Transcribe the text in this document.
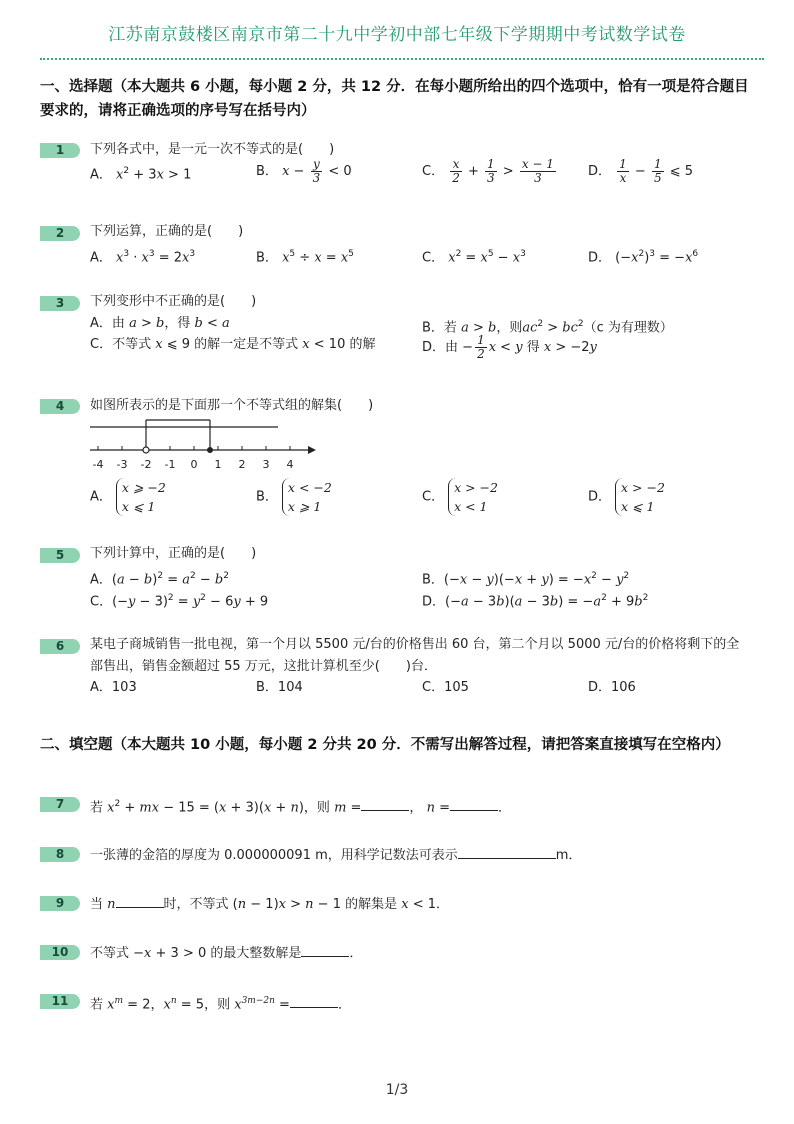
江苏南京鼓楼区南京市第二十九中学初中部七年级下学期期中考试数学试卷
一、选择题（本大题共 6 小题，每小题 2 分，共 12 分．在每小题所给出的四个选项中，恰有一项是符合题目要求的，请将正确选项的序号写在括号内）
1	下列各式中，是一元一次不等式的是(　　)
A． $x^2 + 3x > 1$	B． $x - \frac{y}{3} < 0$	C． $\frac{x}{2} + \frac{1}{3} > \frac{x - 1}{3}$ D． $\frac{1}{x} - \frac{1}{5}$ ⩽ 5
2	下列运算，正确的是(　　)
A． $x^3 \cdot x^3 = 2x^3$	B． $x^5 \div x = x^5$	C． $x^2 = x^5 - x^3$	D． $(-x^2)^3 = -x^6$
3	下列变形中不正确的是(　　)
A．由 a > b，得 b < a	B．若 a > b，则$ac^2 > bc^2(c$ 为有理数）
C．不等式 x ⩽ 9 的解一定是不等式 x < 10 的解	D．由 − $\frac{1}{2}$ x < y 得 x > −2y
4	如图所表示的是下面那一个不等式组的解集(　　)
-4 -3 -2 -1 0 1 2 3 4
A．x ⩾ −2
x ⩽ 1
B．x < −2
x ⩾ 1
C．x > −2
x < 1
D．x > −2
x ⩽ 1
5	下列计算中，正确的是(　　)
A．$(a - b)^2 = a^2 - b^2$	B．$(-x - y)(-x + y) = -x^2 - y^2$
C．$(-y - 3)^2 = y^2 - 6y + 9$	D．$(-a - 3b)(a - 3b) = -a^2 + 9b^2$
6	某电子商城销售一批电视，第一个月以 5500 元/台的价格售出 60 台，第二个月以 5000 元/台的价格将剩下的全部售出，销售金额超过 55 万元，这批计算机至少(　　)台．
A．103	B．104	C．105	D．106
二、填空题（本大题共 10 小题，每小题 2 分共 20 分．不需写出解答过程，请把答案直接填写在空格内）
7	若 $x^2$ + mx − 15 = (x + 3)(x + n)，则 m =	， n =	．
8	一张薄的金箔的厚度为 0.000000091 m，用科学记数法可表示	m．
9	当 n	时，不等式 (n − 1)x > n − 1 的解集是 x < 1．
10	不等式 −x + 3 > 0 的最大整数解是	．
11	若 $x^m = 2$，$x^n = 5$，则 $x^{3m-2n}$ =	．
1/3
